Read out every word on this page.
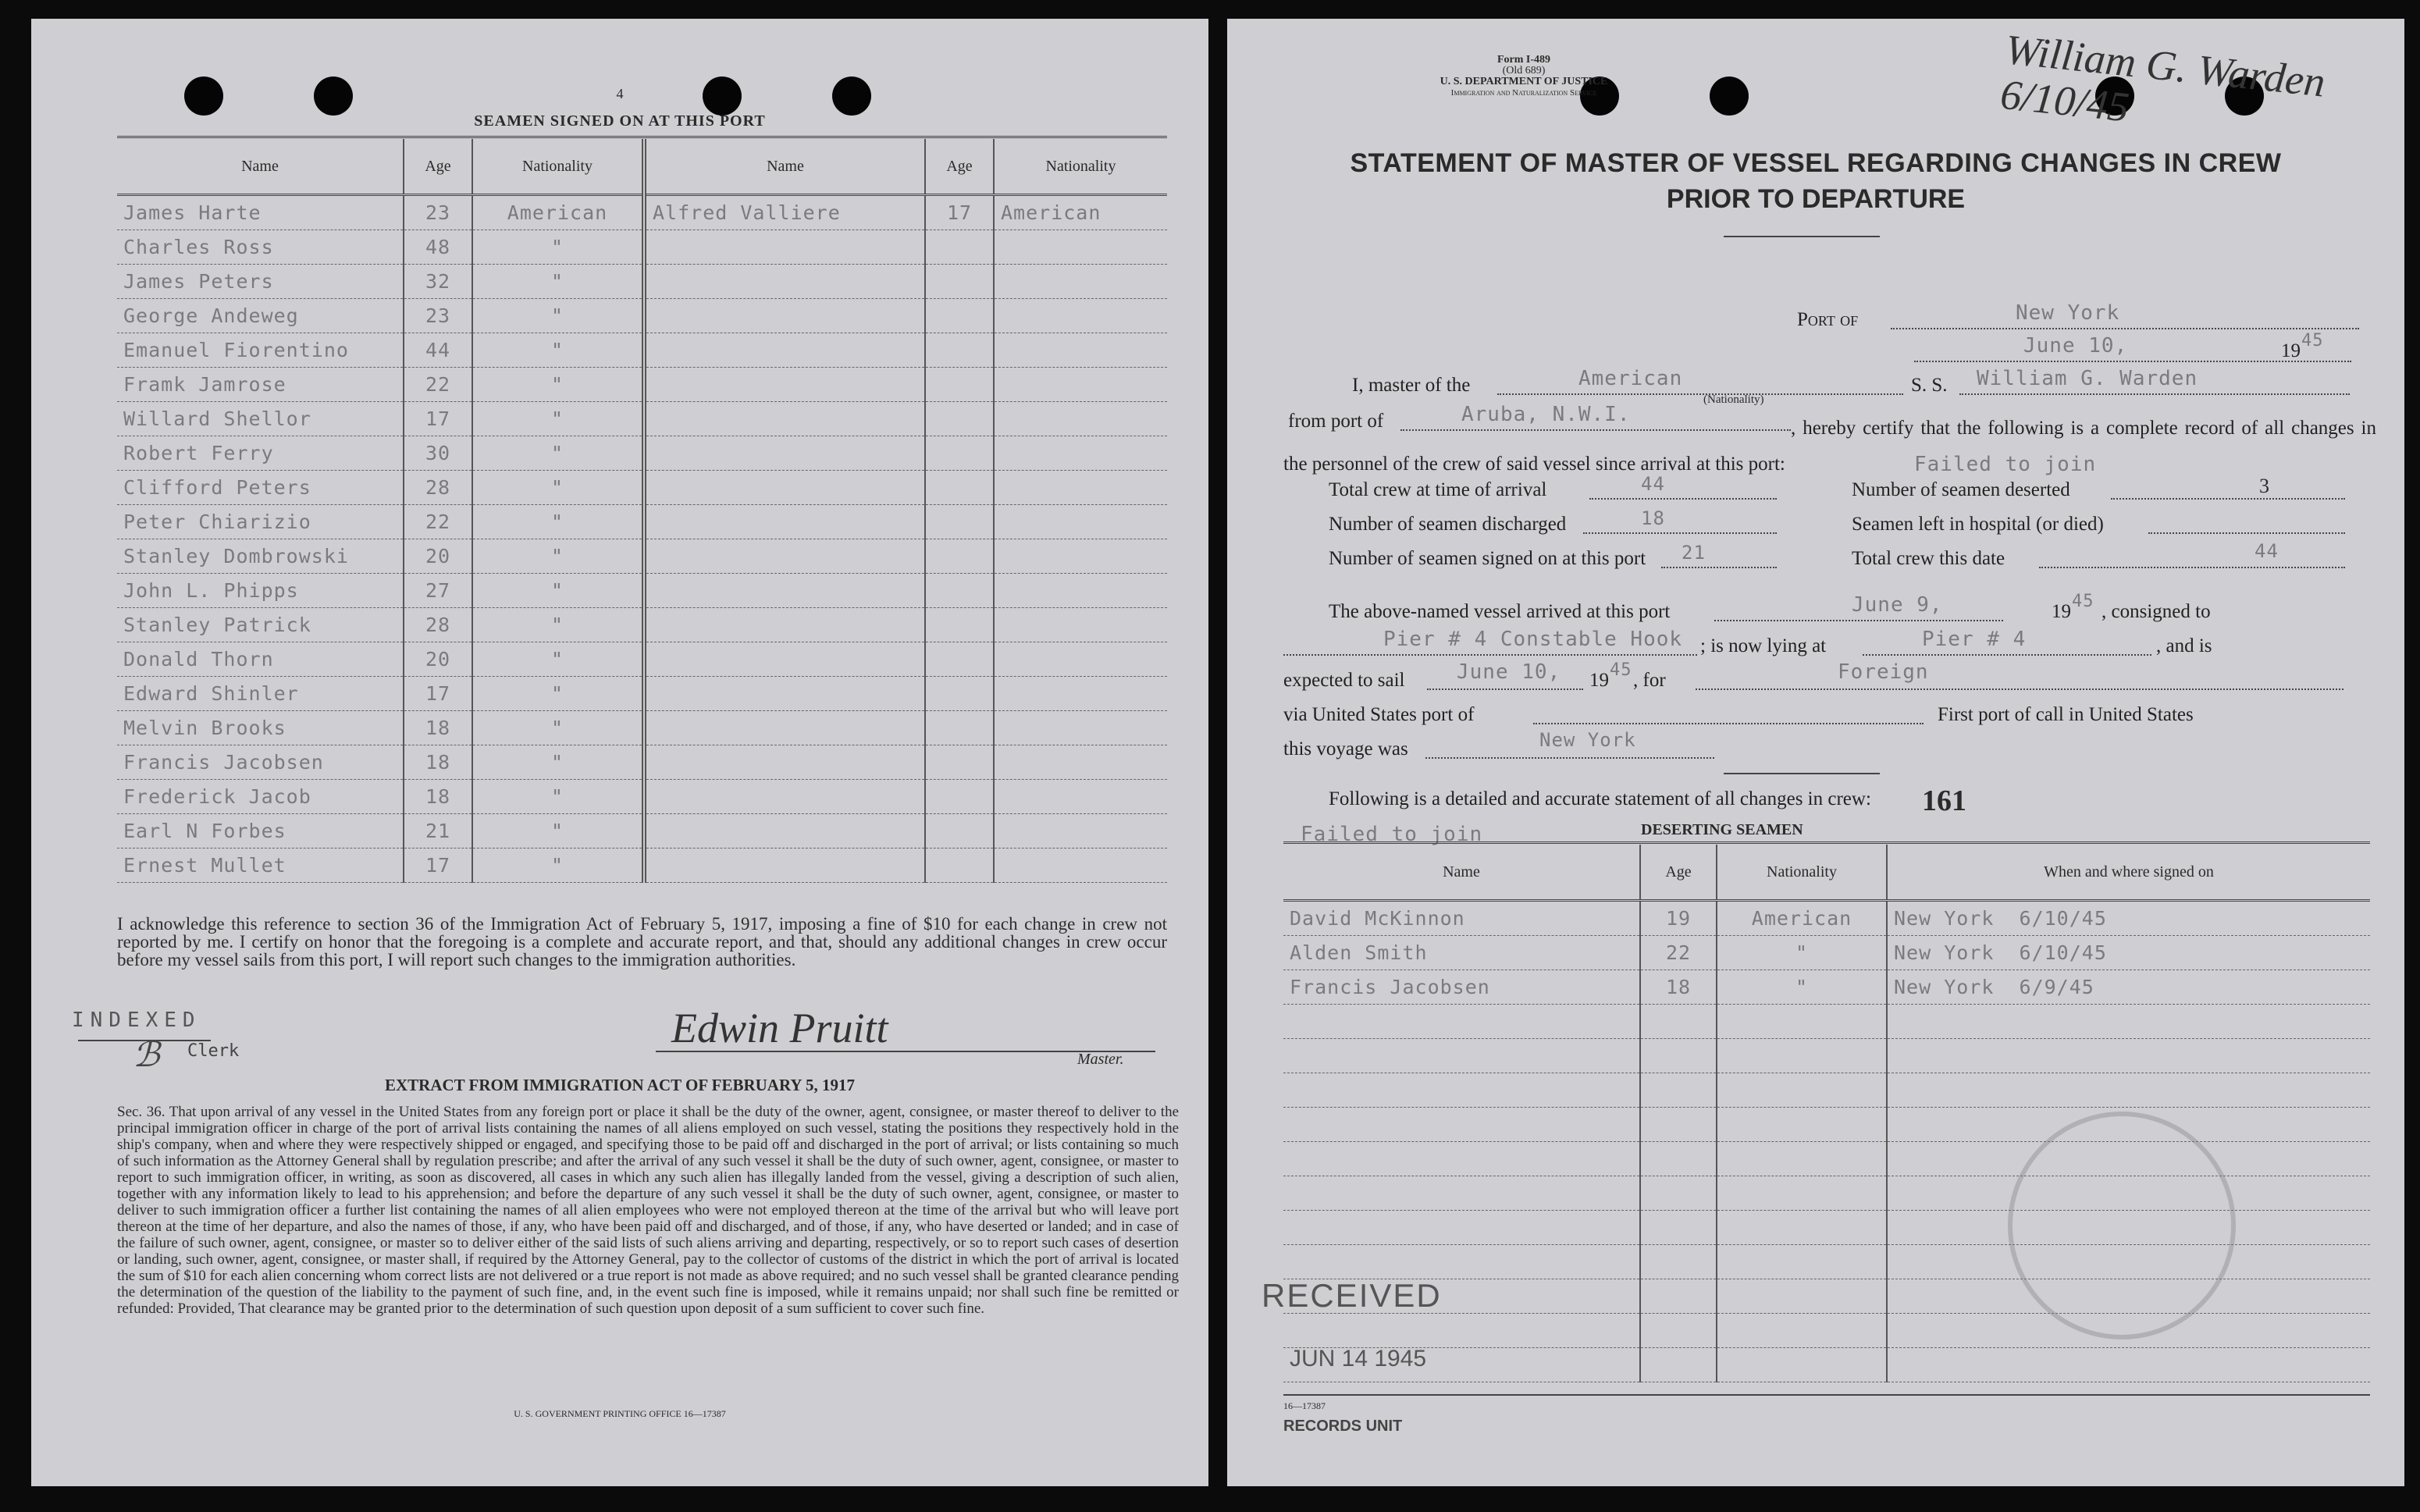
4
SEAMEN SIGNED ON AT THIS PORT
Name	Age	Nationality	Name	Age	Nationality
James Harte	23	American	Alfred Valliere	17	American
Charles Ross	48	"			
James Peters	32	"			
George Andeweg	23	"			
Emanuel Fiorentino	44	"			
Framk Jamrose	22	"			
Willard Shellor	17	"			
Robert Ferry	30	"			
Clifford Peters	28	"			
Peter Chiarizio	22	"			
Stanley Dombrowski	20	"			
John L. Phipps	27	"			
Stanley Patrick	28	"			
Donald Thorn	20	"			
Edward Shinler	17	"			
Melvin Brooks	18	"			
Francis Jacobsen	18	"			
Frederick Jacob	18	"			
Earl N Forbes	21	"			
Ernest Mullet	17	"			
I acknowledge this reference to section 36 of the Immigration Act of February 5, 1917, imposing a fine of $10 for each change in crew not reported by me. I certify on honor that the foregoing is a complete and accurate report, and that, should any additional changes in crew occur before my vessel sails from this port, I will report such changes to the immigration authorities.
INDEXED
ℬ Clerk	Edwin Pruitt
Master.
EXTRACT FROM IMMIGRATION ACT OF FEBRUARY 5, 1917
Sec. 36. That upon arrival of any vessel in the United States from any foreign port or place it shall be the duty of the owner, agent, consignee, or master thereof to deliver to the principal immigration officer in charge of the port of arrival lists containing the names of all aliens employed on such vessel, stating the positions they respectively hold in the ship's company, when and where they were respectively shipped or engaged, and specifying those to be paid off and discharged in the port of arrival; or lists containing so much of such information as the Attorney General shall by regulation prescribe; and after the arrival of any such vessel it shall be the duty of such owner, agent, consignee, or master to report to such immigration officer, in writing, as soon as discovered, all cases in which any such alien has illegally landed from the vessel, giving a description of such alien, together with any information likely to lead to his apprehension; and before the departure of any such vessel it shall be the duty of such owner, agent, consignee, or master to deliver to such immigration officer a further list containing the names of all alien employees who were not employed thereon at the time of the arrival but who will leave port thereon at the time of her departure, and also the names of those, if any, who have been paid off and discharged, and of those, if any, who have deserted or landed; and in case of the failure of such owner, agent, consignee, or master so to deliver either of the said lists of such aliens arriving and departing, respectively, or so to report such cases of desertion or landing, such owner, agent, consignee, or master shall, if required by the Attorney General, pay to the collector of customs of the district in which the port of arrival is located the sum of $10 for each alien concerning whom correct lists are not delivered or a true report is not made as above required; and no such vessel shall be granted clearance pending the determination of the question of the liability to the payment of such fine, and, in the event such fine is imposed, while it remains unpaid; nor shall such fine be remitted or refunded: Provided, That clearance may be granted prior to the determination of such question upon deposit of a sum sufficient to cover such fine.
U. S. GOVERNMENT PRINTING OFFICE 16—17387
Form I-489
(Old 689)
U. S. DEPARTMENT OF JUSTICE
Immigration and Naturalization Service	William G. Warden 6/10/45
STATEMENT OF MASTER OF VESSEL REGARDING CHANGES IN CREW
PRIOR TO DEPARTURE
Port of	New York
June 10,	19 45
I, master of the	American
(Nationality)
S. S. William G. Warden
from port of	Aruba, N.W.I.
, hereby certify that the following is a complete record of all changes in the personnel of the crew of said vessel since arrival at this port:	Failed to join
Total crew at time of arrival	44	Number of seamen deserted	3
Number of seamen discharged	18	Seamen left in hospital (or died)
Number of seamen signed on at this port 21	Total crew this date	44
The above-named vessel arrived at this port	June 9,	19 45 , consigned to
Pier # 4 Constable Hook ; is now lying at	Pier # 4	, and is
expected to sail	June 10, 19 45 , for	Foreign
via United States port of	First port of call in United States
this voyage was	New York
Following is a detailed and accurate statement of all changes in crew: 161
Failed to join	DESERTING SEAMEN
Name	Age	Nationality	When and where signed on
David McKinnon	19	American	New York 6/10/45
Alden Smith	22	"	New York 6/10/45
Francis Jacobsen	18	"	New York 6/9/45

RECEIVED
JUN 14 1945
16—17387
RECORDS UNIT
